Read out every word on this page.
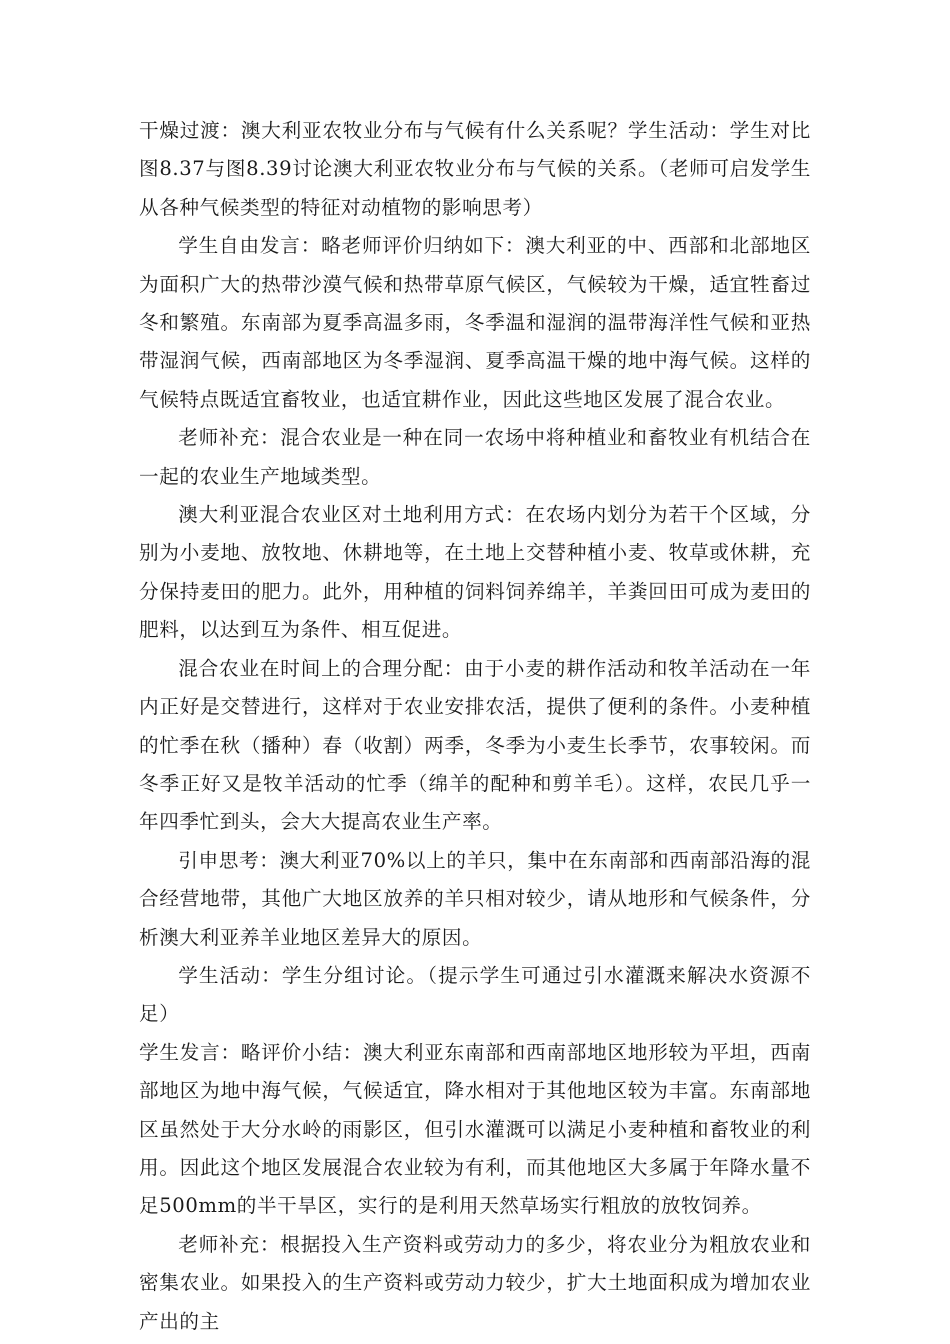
干燥过渡：澳大利亚农牧业分布与气候有什么关系呢？学生活动：学生对比图8.37与图8.39讨论澳大利亚农牧业分布与气候的关系。（老师可启发学生从各种气候类型的特征对动植物的影响思考）

学生自由发言：略老师评价归纳如下：澳大利亚的中、西部和北部地区为面积广大的热带沙漠气候和热带草原气候区，气候较为干燥，适宜牲畜过冬和繁殖。东南部为夏季高温多雨，冬季温和湿润的温带海洋性气候和亚热带湿润气候，西南部地区为冬季湿润、夏季高温干燥的地中海气候。这样的气候特点既适宜畜牧业，也适宜耕作业，因此这些地区发展了混合农业。

老师补充：混合农业是一种在同一农场中将种植业和畜牧业有机结合在一起的农业生产地域类型。

澳大利亚混合农业区对土地利用方式：在农场内划分为若干个区域，分别为小麦地、放牧地、休耕地等，在土地上交替种植小麦、牧草或休耕，充分保持麦田的肥力。此外，用种植的饲料饲养绵羊，羊粪回田可成为麦田的肥料，以达到互为条件、相互促进。

混合农业在时间上的合理分配：由于小麦的耕作活动和牧羊活动在一年内正好是交替进行，这样对于农业安排农活，提供了便利的条件。小麦种植的忙季在秋（播种）春（收割）两季，冬季为小麦生长季节，农事较闲。而冬季正好又是牧羊活动的忙季（绵羊的配种和剪羊毛）。这样，农民几乎一年四季忙到头，会大大提高农业生产率。

引申思考：澳大利亚70%以上的羊只，集中在东南部和西南部沿海的混合经营地带，其他广大地区放养的羊只相对较少，请从地形和气候条件，分析澳大利亚养羊业地区差异大的原因。

学生活动：学生分组讨论。（提示学生可通过引水灌溉来解决水资源不足）

学生发言：略评价小结：澳大利亚东南部和西南部地区地形较为平坦，西南部地区为地中海气候，气候适宜，降水相对于其他地区较为丰富。东南部地区虽然处于大分水岭的雨影区，但引水灌溉可以满足小麦种植和畜牧业的利用。因此这个地区发展混合农业较为有利，而其他地区大多属于年降水量不足500mm的半干旱区，实行的是利用天然草场实行粗放的放牧饲养。

老师补充：根据投入生产资料或劳动力的多少，将农业分为粗放农业和密集农业。如果投入的生产资料或劳动力较少，扩大土地面积成为增加农业产出的主
